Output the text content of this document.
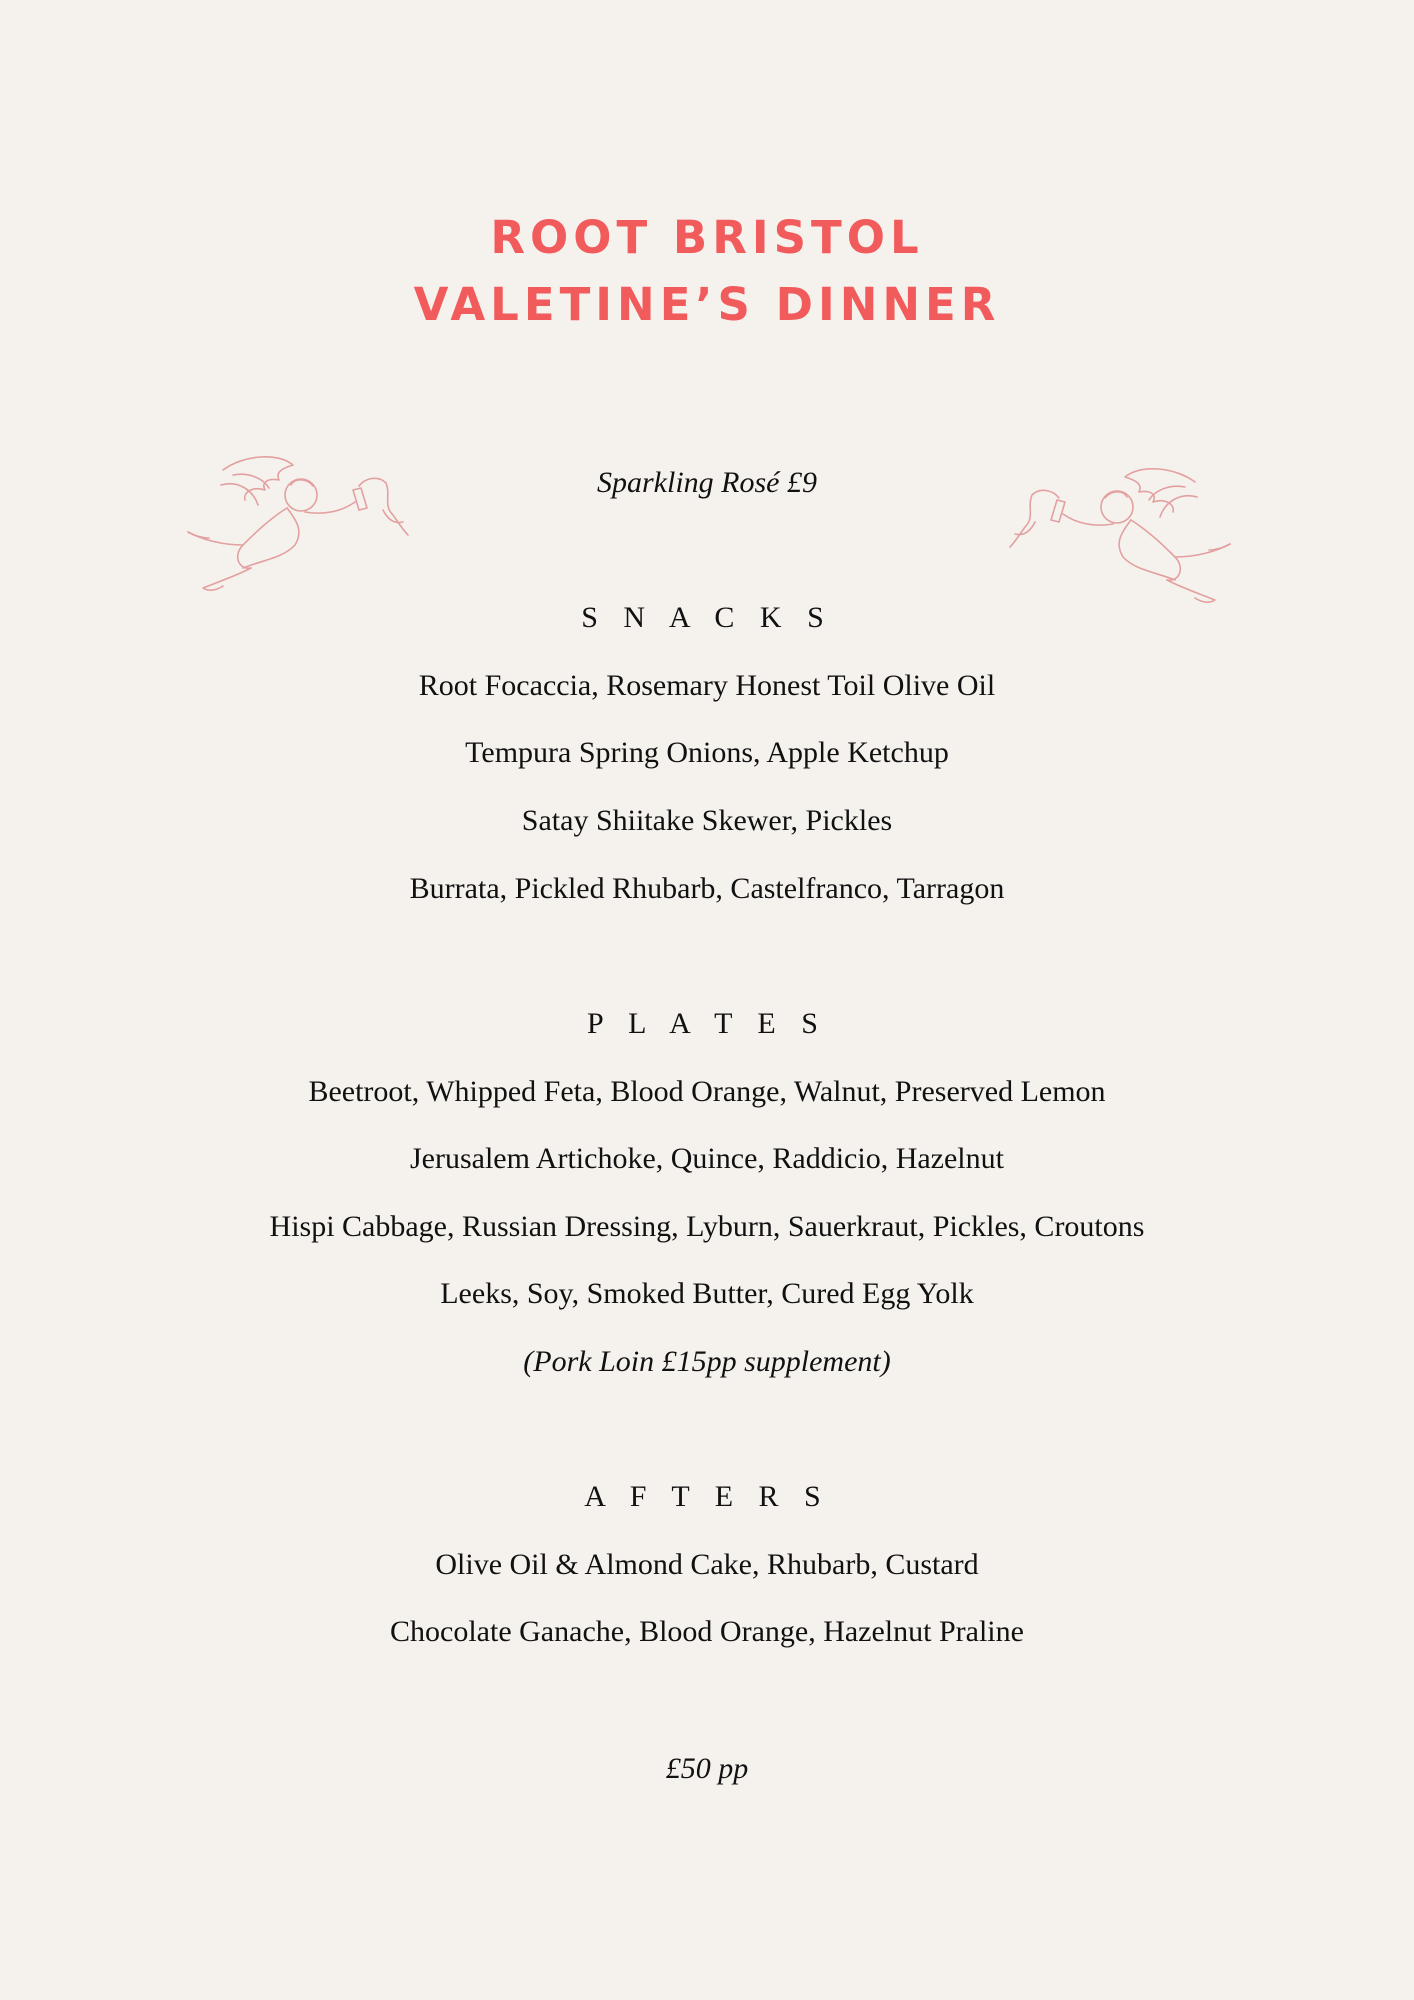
ROOT BRISTOL
VALETINE’S DINNER
Sparkling Rosé £9
S N A C K S
Root Focaccia, Rosemary Honest Toil Olive Oil
Tempura Spring Onions, Apple Ketchup
Satay Shiitake Skewer, Pickles
Burrata, Pickled Rhubarb, Castelfranco, Tarragon
P L A T E S
Beetroot, Whipped Feta, Blood Orange, Walnut, Preserved Lemon
Jerusalem Artichoke, Quince, Raddicio, Hazelnut
Hispi Cabbage, Russian Dressing, Lyburn, Sauerkraut, Pickles, Croutons
Leeks, Soy, Smoked Butter, Cured Egg Yolk
(Pork Loin £15pp supplement)
A F T E R S
Olive Oil & Almond Cake, Rhubarb, Custard
Chocolate Ganache, Blood Orange, Hazelnut Praline
£50 pp
